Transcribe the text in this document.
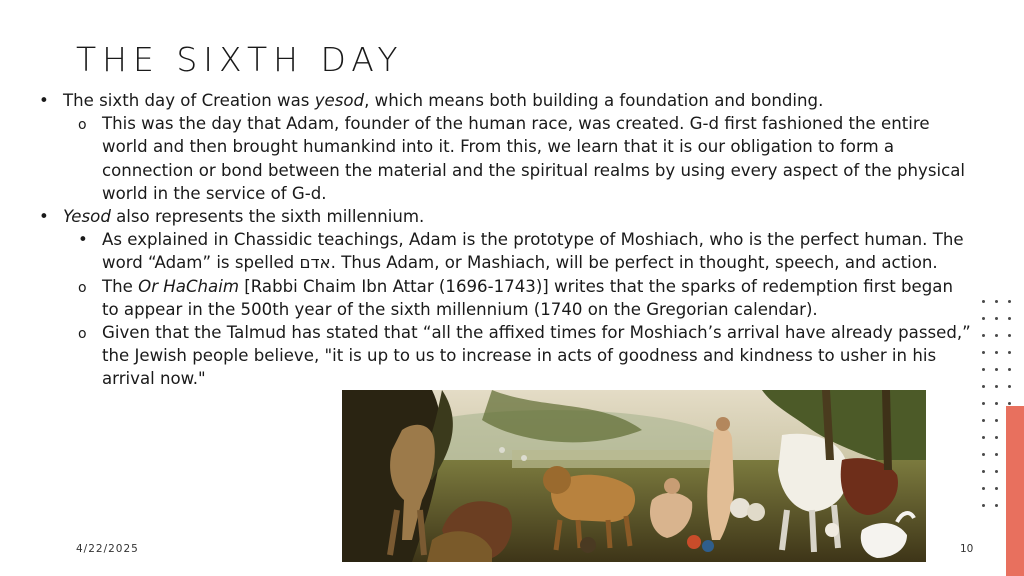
THE SIXTH DAY
•
The sixth day of Creation was yesod, which means both building a foundation and bonding.
o
This was the day that Adam, founder of the human race, was created. G-d first fashioned the entire world and then brought humankind into it. From this, we learn that it is our obligation to form a connection or bond between the material and the spiritual realms by using every aspect of the physical world in the service of G-d.
•
Yesod also represents the sixth millennium.
•
As explained in Chassidic teachings, Adam is the prototype of Moshiach, who is the perfect human. The word “Adam” is spelled אדם. Thus Adam, or Mashiach, will be perfect in thought, speech, and action.
o
The Or HaChaim [Rabbi Chaim Ibn Attar (1696-1743)] writes that the sparks of redemption first began to appear in the 500th year of the sixth millennium (1740 on the Gregorian calendar).
o
Given that the Talmud has stated that “all the affixed times for Moshiach’s arrival have already passed,” the Jewish people believe, "it is up to us to increase in acts of goodness and kindness to usher in his arrival now."
4/22/2025	10
